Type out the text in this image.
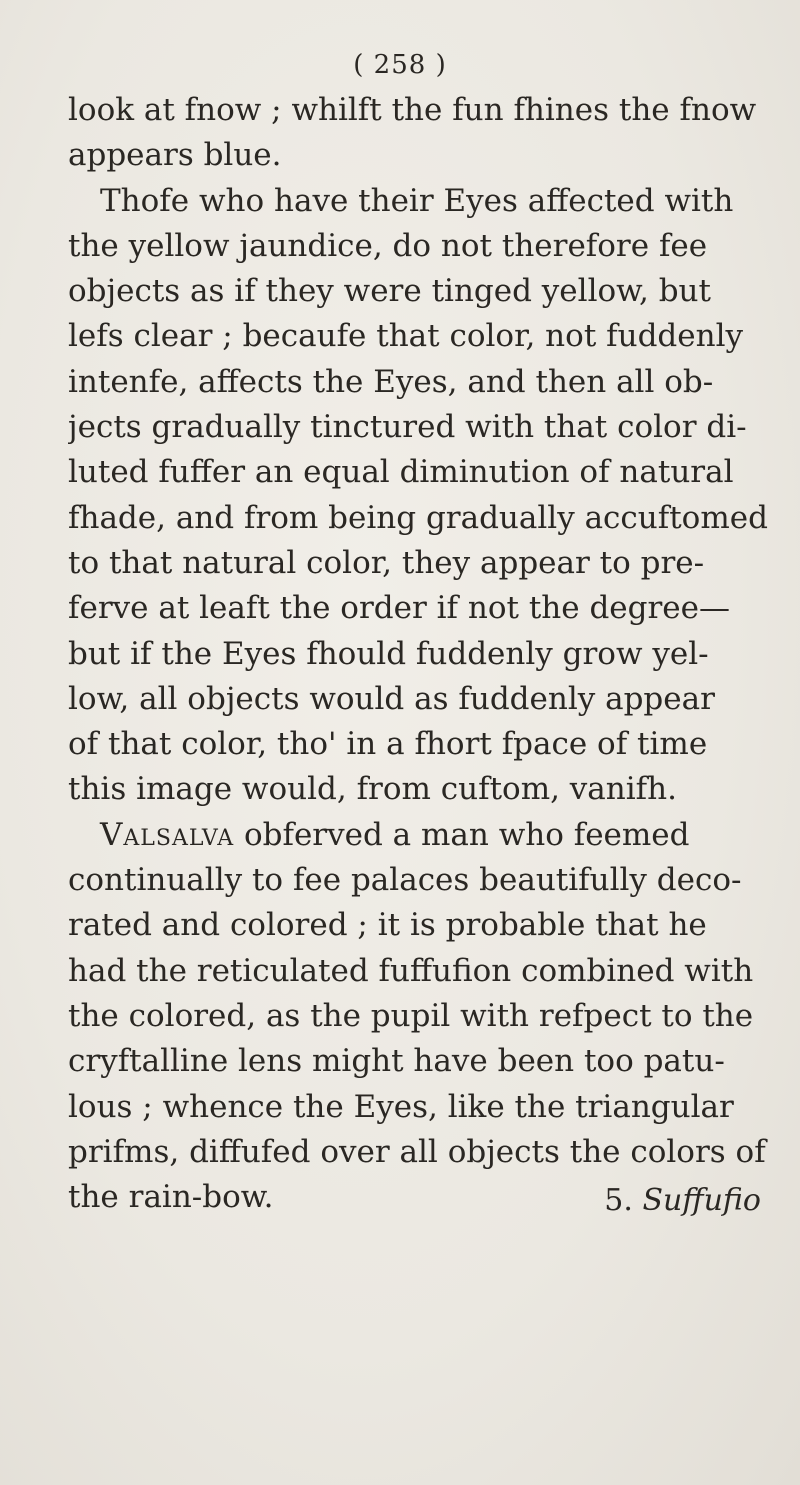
( 258 )
look at fnow ; whilft the fun fhines the fnow
appears blue.
Thofe who have their Eyes affected with
the yellow jaundice, do not therefore fee
objects as if they were tinged yellow, but
lefs clear ; becaufe that color, not fuddenly
intenfe, affects the Eyes, and then all ob-
jects gradually tinctured with that color di-
luted fuffer an equal diminution of natural
fhade, and from being gradually accuftomed
to that natural color, they appear to pre-
ferve at leaft the order if not the degree—
but if the Eyes fhould fuddenly grow yel-
low, all objects would as fuddenly appear
of that color, tho' in a fhort fpace of time
this image would, from cuftom, vanifh.
Valsalva obferved a man who feemed
continually to fee palaces beautifully deco-
rated and colored ; it is probable that he
had the reticulated fuffufion combined with
the colored, as the pupil with refpect to the
cryftalline lens might have been too patu-
lous ; whence the Eyes, like the triangular
prifms, diffufed over all objects the colors of
the rain-bow.	5. Suffufio
